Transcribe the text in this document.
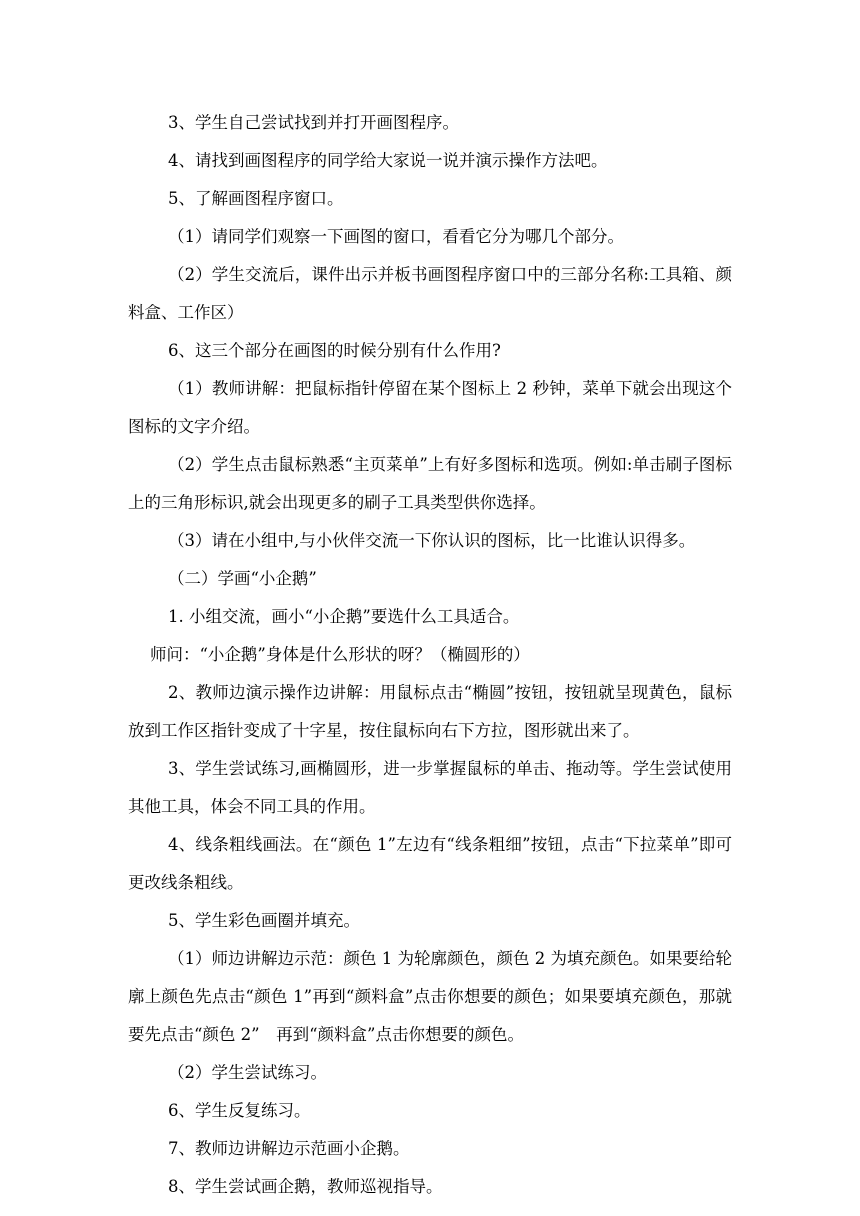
3、学生自己尝试找到并打开画图程序。

4、请找到画图程序的同学给大家说一说并演示操作方法吧。

5、了解画图程序窗口。

（1）请同学们观察一下画图的窗口，看看它分为哪几个部分。

（2）学生交流后，课件出示并板书画图程序窗口中的三部分名称:工具箱、颜料盒、工作区）

6、这三个部分在画图的时候分别有什么作用?

（1）教师讲解：把鼠标指针停留在某个图标上 2 秒钟，菜单下就会出现这个图标的文字介绍。

（2）学生点击鼠标熟悉“主页菜单”上有好多图标和选项。例如:单击刷子图标上的三角形标识,就会出现更多的刷子工具类型供你选择。

（3）请在小组中,与小伙伴交流一下你认识的图标，比一比谁认识得多。

（二）学画“小企鹅”

1. 小组交流，画小“小企鹅”要选什么工具适合。

师问：“小企鹅”身体是什么形状的呀？（椭圆形的）

2、教师边演示操作边讲解：用鼠标点击“椭圆”按钮，按钮就呈现黄色，鼠标放到工作区指针变成了十字星，按住鼠标向右下方拉，图形就出来了。

3、学生尝试练习,画椭圆形，进一步掌握鼠标的单击、拖动等。学生尝试使用其他工具，体会不同工具的作用。

4、线条粗线画法。在“颜色 1”左边有“线条粗细”按钮，点击“下拉菜单”即可更改线条粗线。

5、学生彩色画圈并填充。

（1）师边讲解边示范：颜色 1 为轮廓颜色，颜色 2 为填充颜色。如果要给轮廓上颜色先点击“颜色 1”再到“颜料盒”点击你想要的颜色；如果要填充颜色，那就要先点击“颜色 2”　再到“颜料盒”点击你想要的颜色。

（2）学生尝试练习。

6、学生反复练习。

7、教师边讲解边示范画小企鹅。

8、学生尝试画企鹅，教师巡视指导。
